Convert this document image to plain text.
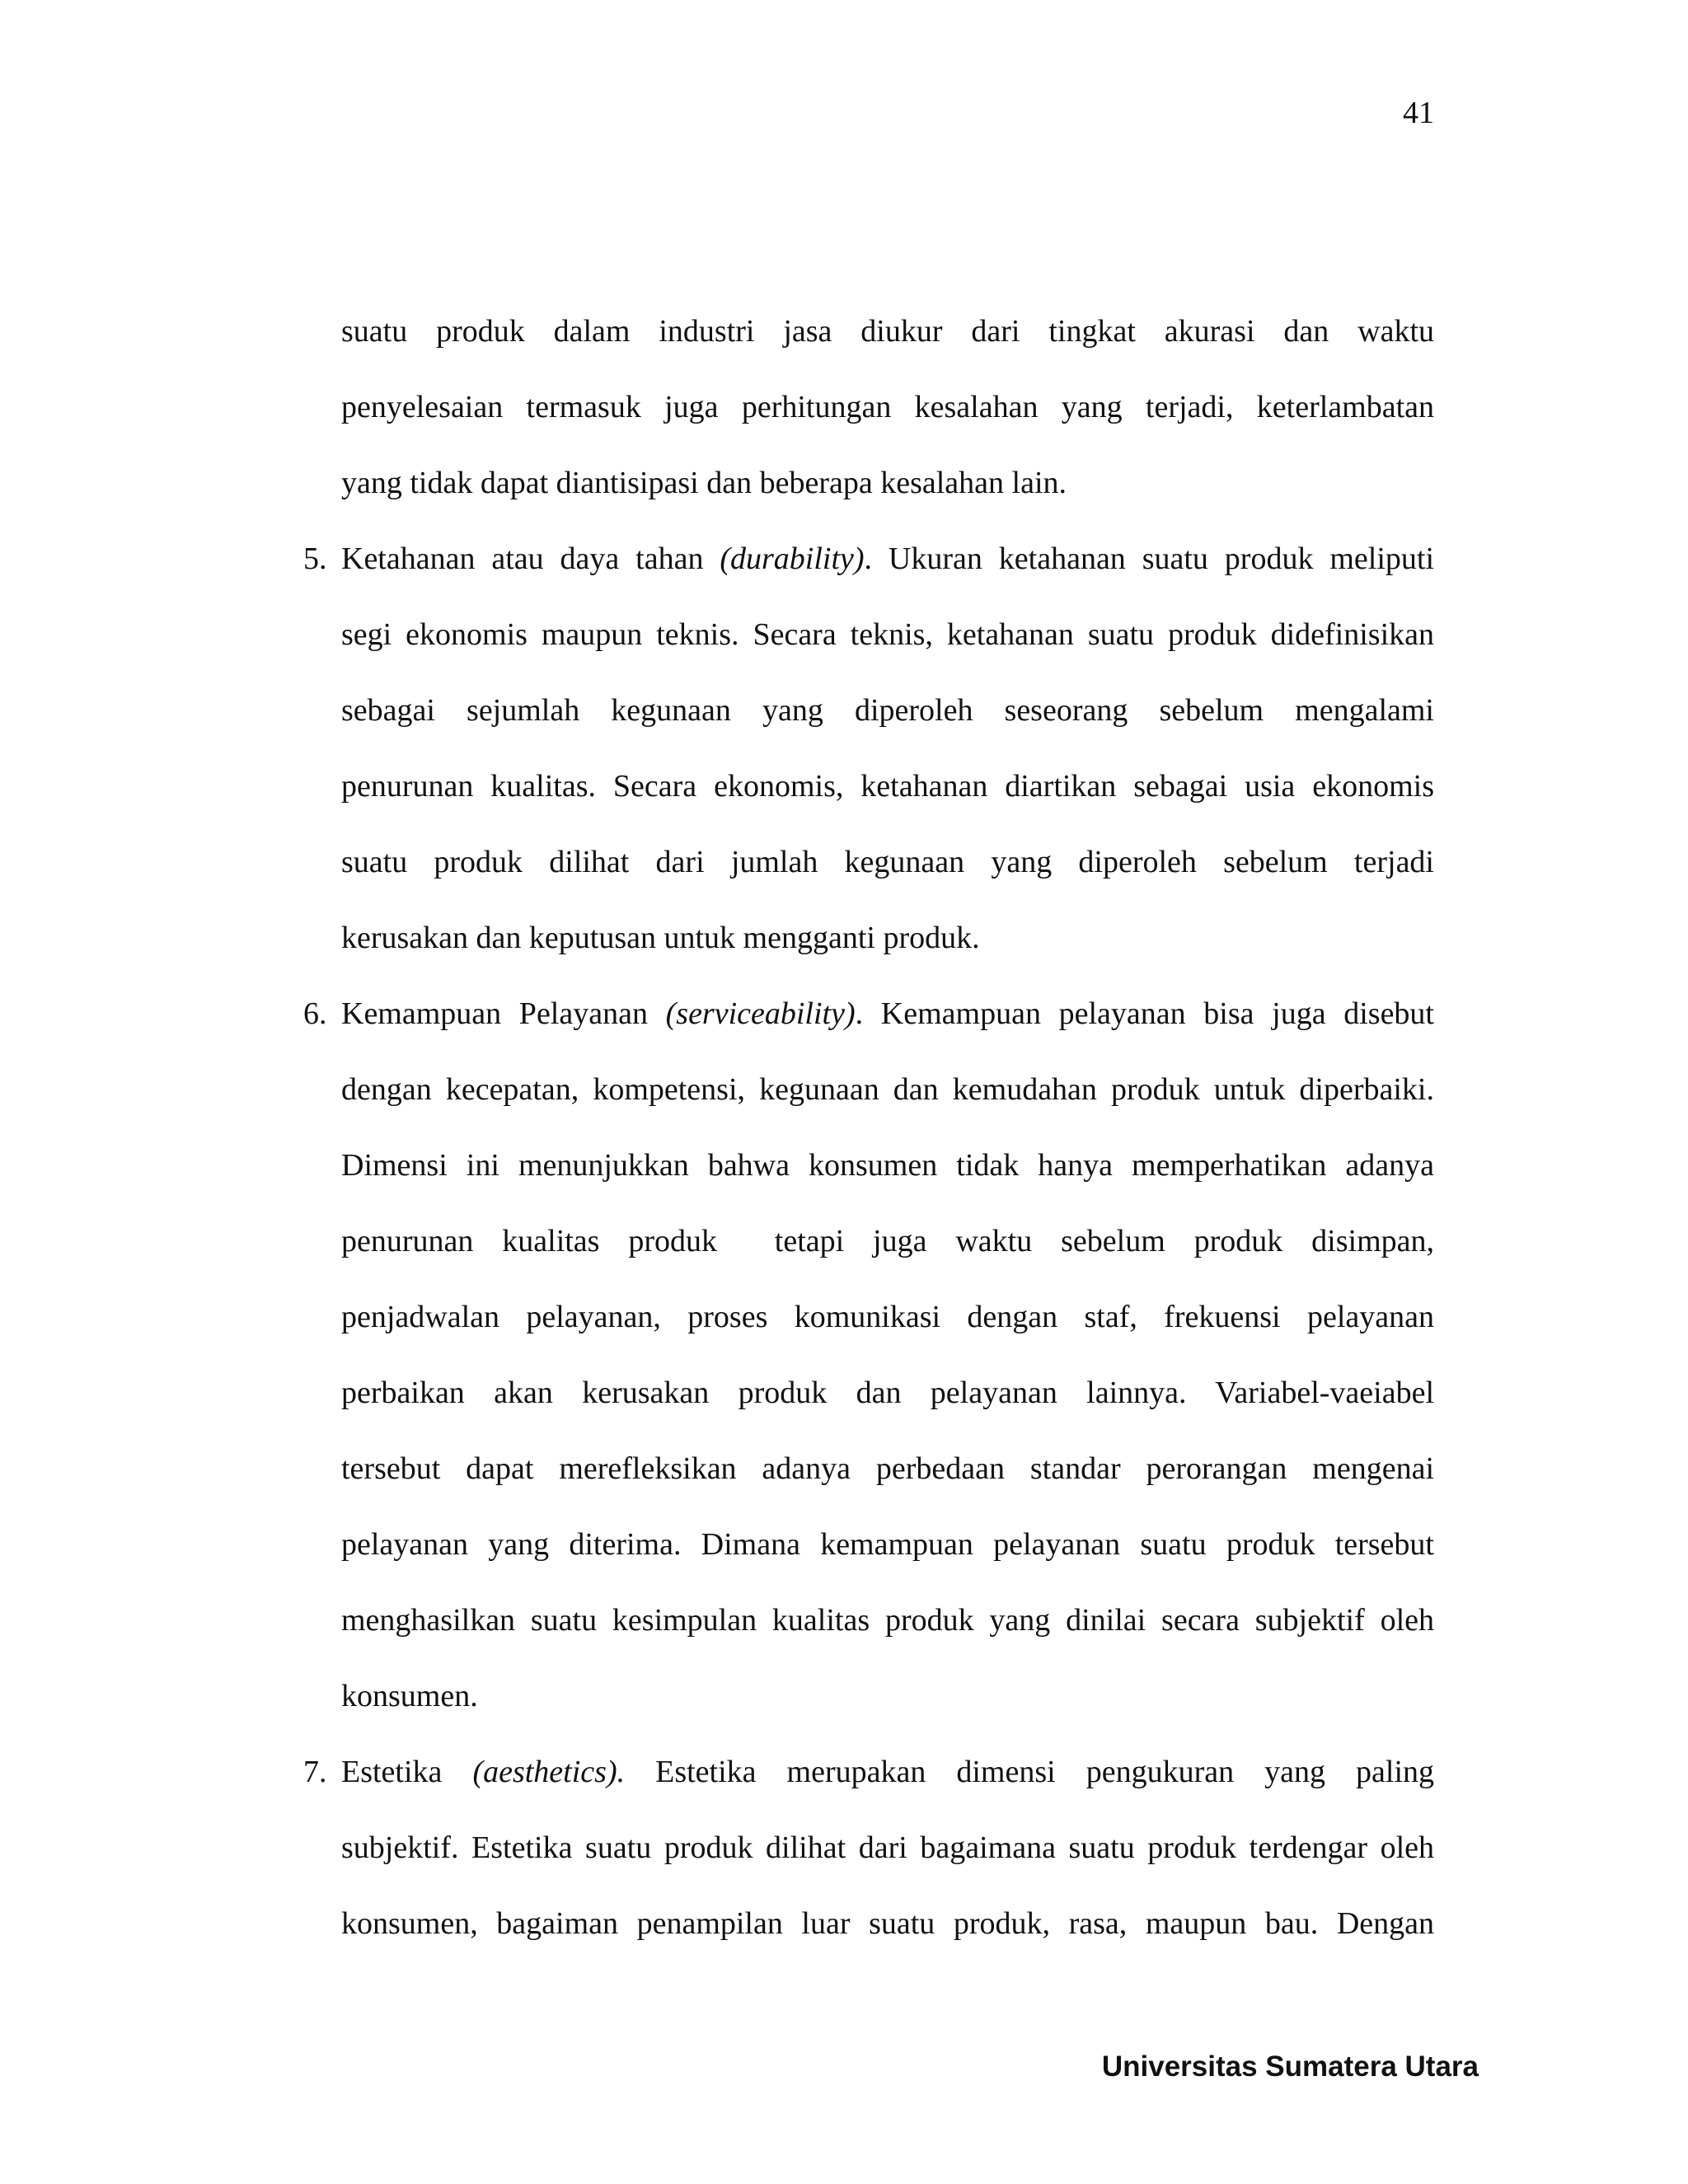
41
suatu produk dalam industri jasa diukur dari tingkat akurasi dan waktu
penyelesaian termasuk juga perhitungan kesalahan yang terjadi, keterlambatan
yang tidak dapat diantisipasi dan beberapa kesalahan lain.
5. Ketahanan atau daya tahan (durability). Ukuran ketahanan suatu produk meliputi
segi ekonomis maupun teknis. Secara teknis, ketahanan suatu produk didefinisikan
sebagai sejumlah kegunaan yang diperoleh seseorang sebelum mengalami
penurunan kualitas. Secara ekonomis, ketahanan diartikan sebagai usia ekonomis
suatu produk dilihat dari jumlah kegunaan yang diperoleh sebelum terjadi
kerusakan dan keputusan untuk mengganti produk.
6. Kemampuan Pelayanan (serviceability). Kemampuan pelayanan bisa juga disebut
dengan kecepatan, kompetensi, kegunaan dan kemudahan produk untuk diperbaiki.
Dimensi ini menunjukkan bahwa konsumen tidak hanya memperhatikan adanya
penurunan kualitas produk  tetapi juga waktu sebelum produk disimpan,
penjadwalan pelayanan, proses komunikasi dengan staf, frekuensi pelayanan
perbaikan akan kerusakan produk dan pelayanan lainnya. Variabel-vaeiabel
tersebut dapat merefleksikan adanya perbedaan standar perorangan mengenai
pelayanan yang diterima. Dimana kemampuan pelayanan suatu produk tersebut
menghasilkan suatu kesimpulan kualitas produk yang dinilai secara subjektif oleh
konsumen.
7. Estetika (aesthetics). Estetika merupakan dimensi pengukuran yang paling
subjektif. Estetika suatu produk dilihat dari bagaimana suatu produk terdengar oleh
konsumen, bagaiman penampilan luar suatu produk, rasa, maupun bau. Dengan
Universitas Sumatera Utara
